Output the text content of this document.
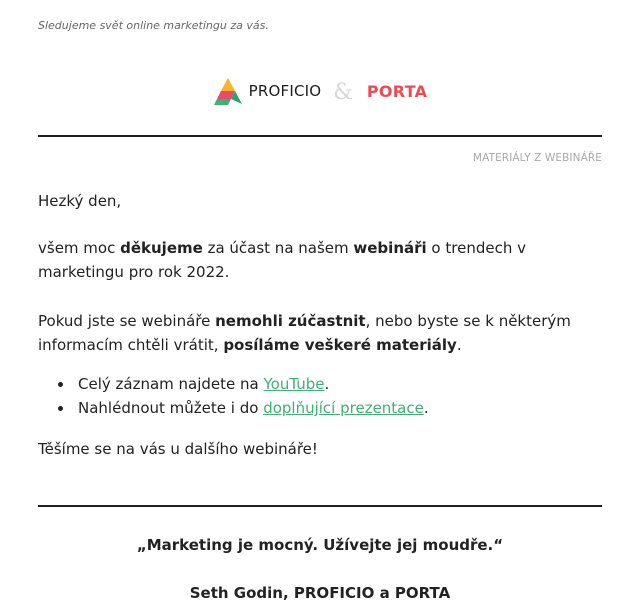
Sledujeme svět online marketingu za vás.
PROFICIO & PORTA
MATERIÁLY Z WEBINÁŘE
Hezký den,
všem moc děkujeme za účast na našem webináři o trendech v marketingu pro rok 2022.
Pokud jste se webináře nemohli zúčastnit, nebo byste se k některým informacím chtěli vrátit, posíláme veškeré materiály.
Celý záznam najdete na YouTube.
Nahlédnout můžete i do doplňující prezentace.
Těšíme se na vás u dalšího webináře!
„Marketing je mocný. Užívejte jej moudře.“
Seth Godin, PROFICIO a PORTA
